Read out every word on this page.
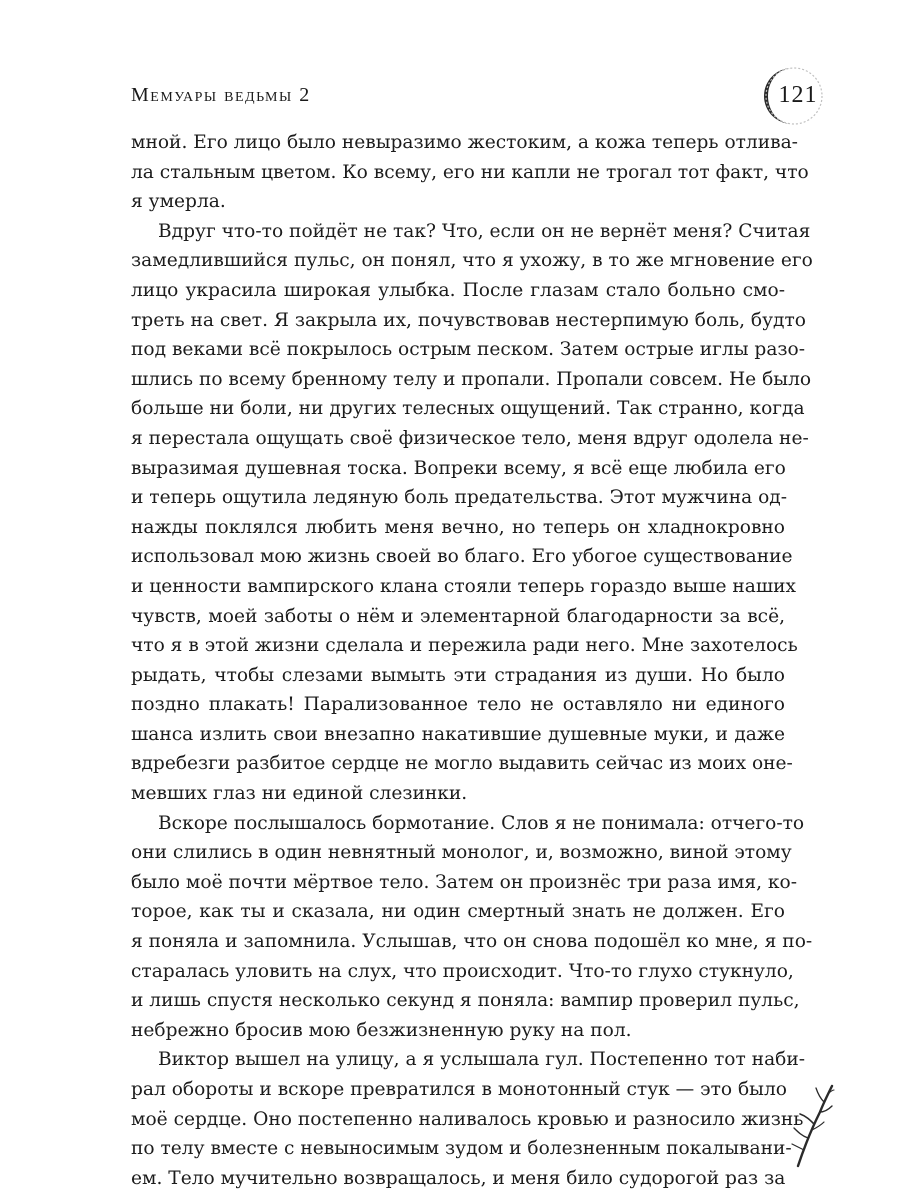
Мемуары ведьмы 2	121

мной. Его лицо было невыразимо жестоким, а кожа теперь отлива-
ла стальным цветом. Ко всему, его ни капли не трогал тот факт, что
я умерла.

Вдруг что-то пойдёт не так? Что, если он не вернёт меня? Считая
замедлившийся пульс, он понял, что я ухожу, в то же мгновение его
лицо украсила широкая улыбка. После глазам стало больно смо-
треть на свет. Я закрыла их, почувствовав нестерпимую боль, будто
под веками всё покрылось острым песком. Затем острые иглы разо-
шлись по всему бренному телу и пропали. Пропали совсем. Не было
больше ни боли, ни других телесных ощущений. Так странно, когда
я перестала ощущать своё физическое тело, меня вдруг одолела не-
выразимая душевная тоска. Вопреки всему, я всё еще любила его
и теперь ощутила ледяную боль предательства. Этот мужчина од-
нажды поклялся любить меня вечно, но теперь он хладнокровно
использовал мою жизнь своей во благо. Его убогое существование
и ценности вампирского клана стояли теперь гораздо выше наших
чувств, моей заботы о нём и элементарной благодарности за всё,
что я в этой жизни сделала и пережила ради него. Мне захотелось
рыдать, чтобы слезами вымыть эти страдания из души. Но было
поздно плакать! Парализованное тело не оставляло ни единого
шанса излить свои внезапно накатившие душевные муки, и даже
вдребезги разбитое сердце не могло выдавить сейчас из моих оне-
мевших глаз ни единой слезинки.

Вскоре послышалось бормотание. Слов я не понимала: отчего-то
они слились в один невнятный монолог, и, возможно, виной этому
было моё почти мёртвое тело. Затем он произнёс три раза имя, ко-
торое, как ты и сказала, ни один смертный знать не должен. Его
я поняла и запомнила. Услышав, что он снова подошёл ко мне, я по-
старалась уловить на слух, что происходит. Что-то глухо стукнуло,
и лишь спустя несколько секунд я поняла: вампир проверил пульс,
небрежно бросив мою безжизненную руку на пол.

Виктор вышел на улицу, а я услышала гул. Постепенно тот наби-
рал обороты и вскоре превратился в монотонный стук — это было
моё сердце. Оно постепенно наливалось кровью и разносило жизнь
по телу вместе с невыносимым зудом и болезненным покалывани-
ем. Тело мучительно возвращалось, и меня било судорогой раз за
